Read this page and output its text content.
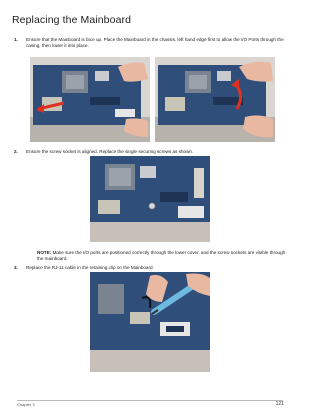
Replacing the Mainboard
1. Ensure that the Mainboard is face up. Place the Mainboard in the chassis, left hand edge first to allow the I/O Ports through the casing, then lower it into place.
2. Ensure the screw socket is aligned. Replace the single securing screws as shown.
NOTE: Make sure the I/O ports are positioned correctly through the lower cover, and the screw sockets are visible through the mainboard.
3. Replace the RJ-11 cable in the retaining clip on the Mainboard.
Chapter 3	121
